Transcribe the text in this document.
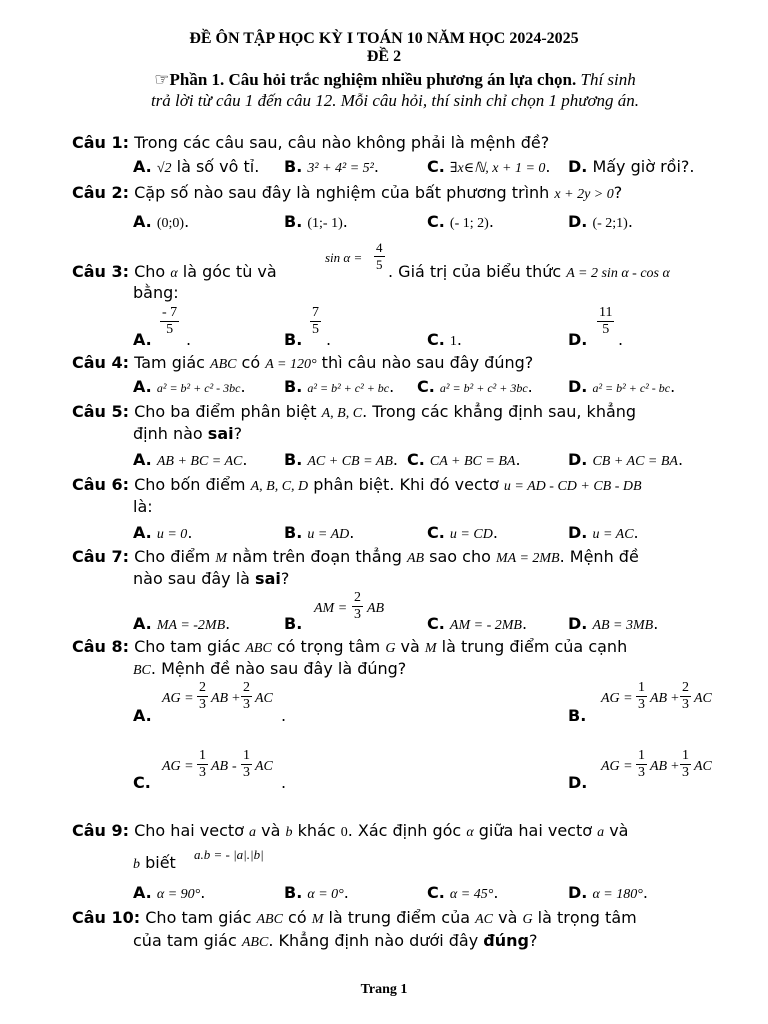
ĐỀ ÔN TẬP HỌC KỲ I TOÁN 10 NĂM HỌC 2024-2025
ĐỀ 2
☞Phần 1. Câu hỏi trắc nghiệm nhiều phương án lựa chọn. Thí sinh
trả lời từ câu 1 đến câu 12. Mỗi câu hỏi, thí sinh chỉ chọn 1 phương án.
Câu 1: Trong các câu sau, câu nào không phải là mệnh đề?
A. √2 là số vô tỉ. B. 3² + 4² = 5².	C. ∃x∈ℕ, x + 1 = 0. D. Mấy giờ rồi?.
Câu 2: Cặp số nào sau đây là nghiệm của bất phương trình x + 2y > 0?
A. (0;0).	B. (1;- 1).	C. (- 1; 2).	D. (- 2;1).
Câu 3: Cho α là góc tù và
$\sin \alpha = \frac{4}{5}$ . Giá trị của biểu thức A = 2 sin α - cos α
bằng:
A.
$\frac{- 7}{5}$
.	B.
$\frac{7}{5}$
.	C. 1.	D.
$\frac{11}{5}$
.
Câu 4: Tam giác ABC có A = 120° thì câu nào sau đây đúng?
A. a² = b² + c² - 3bc. B. a² = b² + c² + bc. C. a² = b² + c² + 3bc. D. a² = b² + c² - bc.
Câu 5: Cho ba điểm phân biệt A, B, C. Trong các khẳng định sau, khẳng
định nào sai?
A. AB + BC = AC. B. AC + CB = AB. C. CA + BC = BA.	D. CB + AC = BA.
Câu 6: Cho bốn điểm A, B, C, D phân biệt. Khi đó vectơ u = AD - CD + CB - DB
là:
A. u = 0.	B. u = AD.	C. u = CD.	D. u = AC.
Câu 7: Cho điểm M nằm trên đoạn thẳng AB sao cho MA = 2MB. Mệnh đề
nào sau đây là sai?
A. MA = -2MB.	B.
AM = $\frac{2}{3}$ AB
C. AM = - 2MB.	D. AB = 3MB.
Câu 8: Cho tam giác ABC có trọng tâm G và M là trung điểm của cạnh
BC. Mệnh đề nào sau đây là đúng?
A.
AG = $\frac{2}{3}$ AB + $\frac{2}{3}$ AC
.	B.
AG = $\frac{1}{3}$ AB + $\frac{2}{3}$ AC
C.
AG = $\frac{1}{3}$ AB - $\frac{1}{3}$ AC
.	D.
AG = $\frac{1}{3}$ AB + $\frac{1}{3}$ AC
Câu 9: Cho hai vectơ a và b khác 0. Xác định góc α giữa hai vectơ a và
b biết a.b = - |a|.|b|
A. α = 90°.	B. α = 0°.	C. α = 45°.	D. α = 180°.
Câu 10: Cho tam giác ABC có M là trung điểm của AC và G là trọng tâm
của tam giác ABC. Khẳng định nào dưới đây đúng?
Trang 1
